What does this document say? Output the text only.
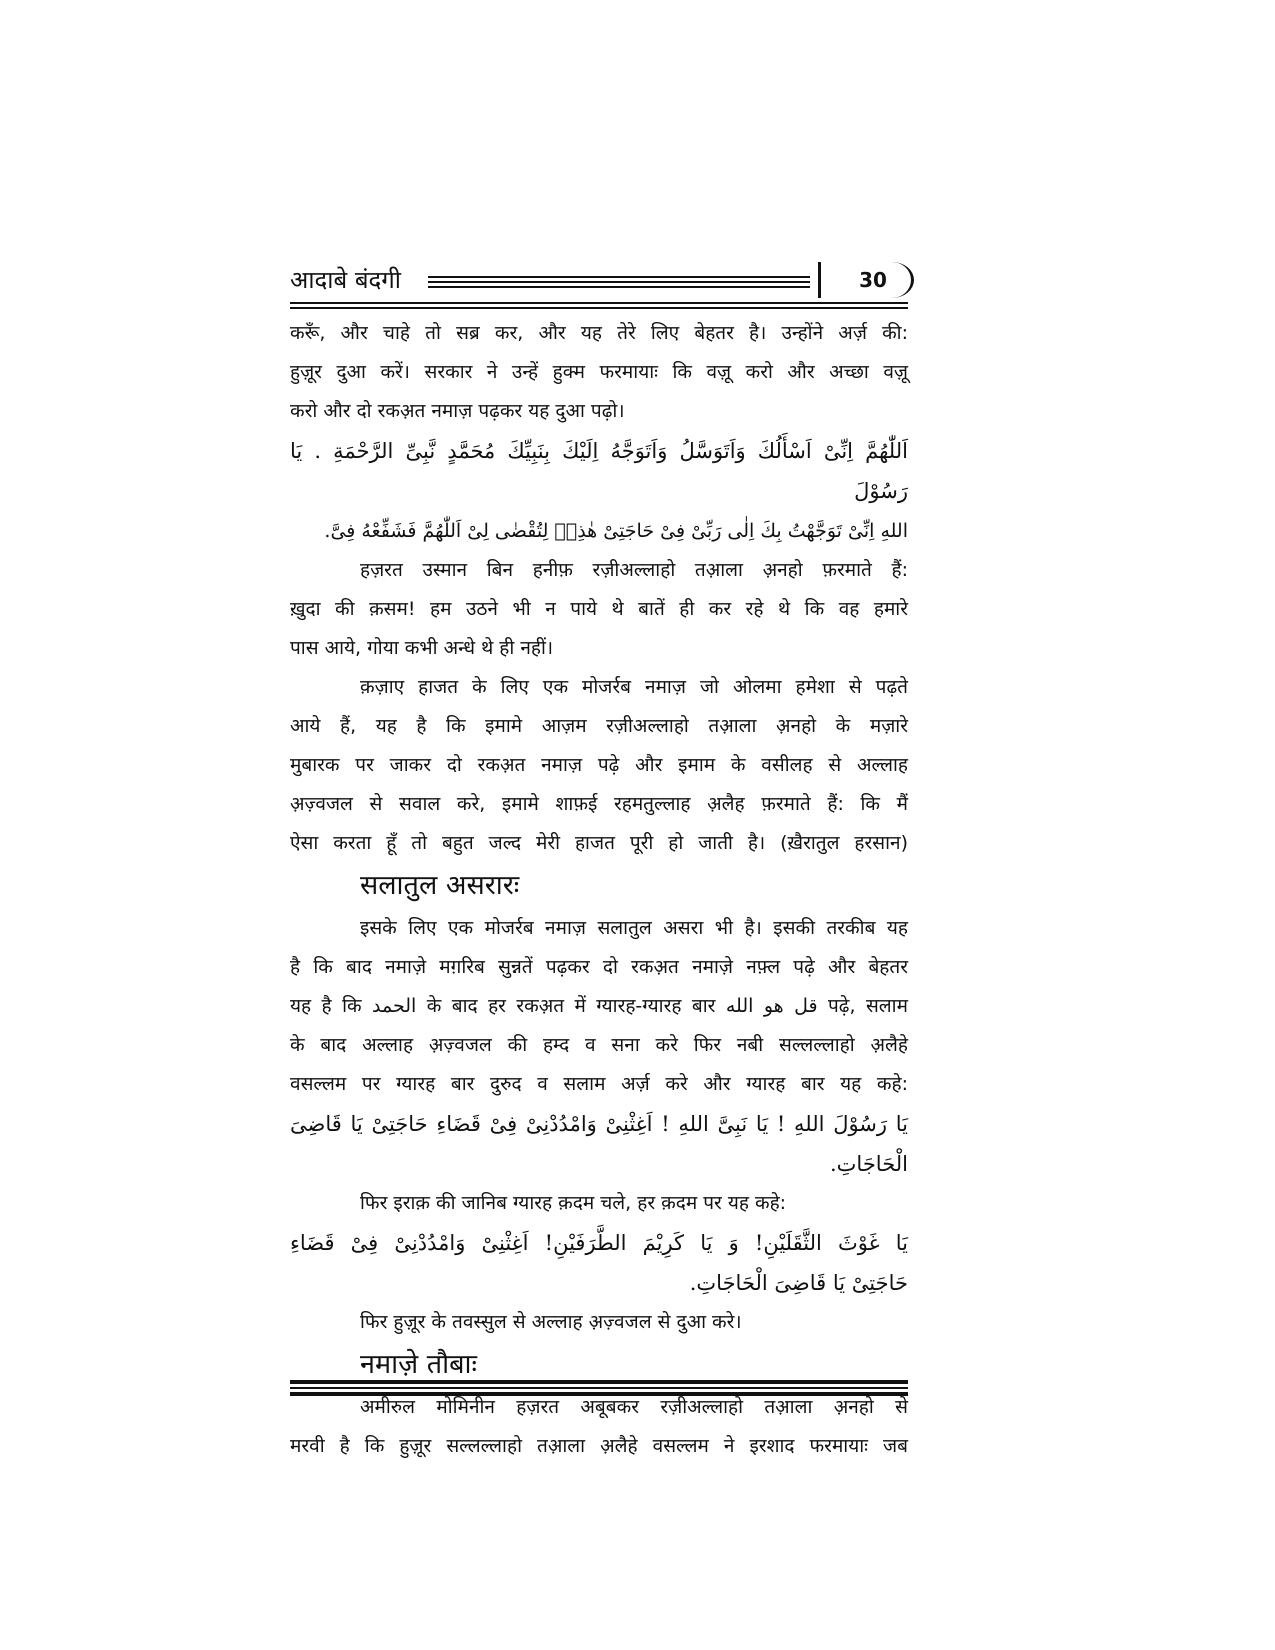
आदाबे बंदगी	30

करूँ, और चाहे तो सब्र कर, और यह तेरे लिए बेहतर है। उन्होंने अर्ज़ की:

हुज़ूर दुआ करें। सरकार ने उन्हें हुक्म फरमायाः कि वज़ू करो और अच्छा वज़ू

करो और दो रकअ़त नमाज़ पढ़कर यह दुआ पढ़ो।

اَللّٰهُمَّ اِنِّیْ اَسْأَلُكَ وَاَتَوَسَّلُ وَاَتَوَجَّهُ اِلَیْكَ بِنَبِیِّكَ مُحَمَّدٍ نَّبِیِّ الرَّحْمَةِ . یَا رَسُوْلَ
اللهِ اِنِّیْ تَوَجَّهْتُ بِكَ اِلٰی رَبِّیْ فِیْ حَاجَتِیْ هٰذِهٖ لِتُقْضٰی لِیْ اَللّٰهُمَّ فَشَفِّعْهُ فِیَّ.

हज़रत उस्मान बिन हनीफ़ रज़ीअल्लाहो तआ़ला अ़नहो फ़रमाते हैं:

ख़ुदा की क़सम! हम उठने भी न पाये थे बातें ही कर रहे थे कि वह हमारे

पास आये, गोया कभी अन्धे थे ही नहीं।

क़ज़ाए हाजत के लिए एक मोजर्रब नमाज़ जो ओलमा हमेशा से पढ़ते

आये हैं, यह है कि इमामे आज़म रज़ीअल्लाहो तआ़ला अ़नहो के मज़ारे

मुबारक पर जाकर दो रकअ़त नमाज़ पढ़े और इमाम के वसीलह से अल्लाह

अ़ज़्वजल से सवाल करे, इमामे शाफ़ई रहमतुल्लाह अ़लैह फ़रमाते हैं: कि मैं

ऐसा करता हूँ तो बहुत जल्द मेरी हाजत पूरी हो जाती है। (ख़ैरातुल हरसान)

सलातुल असरारः

इसके लिए एक मोजर्रब नमाज़ सलातुल असरा भी है। इसकी तरकीब यह

है कि बाद नमाज़े मग़रिब सुन्नतें पढ़कर दो रकअ़त नमाज़े नफ़्ल पढ़े और बेहतर

यह है कि الحمد के बाद हर रकअ़त में ग्यारह-ग्यारह बार قل هو الله पढ़े, सलाम

के बाद अल्लाह अ़ज़्वजल की हम्द व सना करे फिर नबी सल्लल्लाहो अ़लैहे

वसल्लम पर ग्यारह बार दुरुद व सलाम अर्ज़ करे और ग्यारह बार यह कहे:

یَا رَسُوْلَ اللهِ ! یَا نَبِیَّ اللهِ ! اَغِثْنِیْ وَامْدُدْنِیْ فِیْ قَضَاءِ حَاجَتِیْ یَا قَاضِیَ الْحَاجَاتِ.

फिर इराक़ की जानिब ग्यारह क़दम चले, हर क़दम पर यह कहे:

یَا غَوْثَ الثَّقَلَیْنِ! وَ یَا کَرِیْمَ الطَّرَفَیْنِ! اَغِثْنِیْ وَامْدُدْنِیْ فِیْ قَضَاءِ
حَاجَتِیْ یَا قَاضِیَ الْحَاجَاتِ.

फिर हुज़ूर के तवस्सुल से अल्लाह अ़ज़्वजल से दुआ करे।

नमाज़े तौबाः

अमीरुल मोमिनीन हज़रत अबूबकर रज़ीअल्लाहो तआ़ला अ़नहो से

मरवी है कि हुज़ूर सल्लल्लाहो तआ़ला अ़लैहे वसल्लम ने इरशाद फरमायाः जब
